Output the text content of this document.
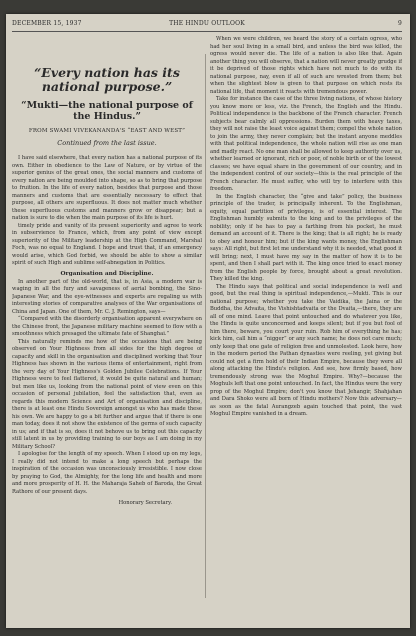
DECEMBER 15, 1937	THE HINDU OUTLOOK	9
“Every nation has its national purpose.”
“Mukti—the national purpose of the Hindus.”
FROM SWAMI VIVEKANANDA'S “EAST AND WEST”
Continued from the last issue.

I have said elsewhere, that every nation has a national purpose of its own. Either in obedience to the Law of Nature, or by virtue of the superior genius of the great ones, the social manners and customs of every nation are being moulded into shape, so as to bring that purpose to fruition. In the life of every nation, besides that purpose and those manners and customs that are essentially necessary to effect that purpose, all others are superfluous. It does not matter much whether these superfluous customs and manners grow or disappear; but a nation is sure to die when the main purpose of its life is hurt.

timely pride and vanity of its present superiority and agree to work in subservience to France, which, from any point of view except superiority of the Military leadership at the High Command, Marshal Foch, was no equal to England. I hope and trust that, if an emergency would arise, which God forbid, we should be able to show a similar spirit of such High and sublime self-abnegation in Politics.

Organisation and Discipline.

In another part of the old-world, that is, in Asia, a modern war is waging in all the fury and savageness of aerial bombing, the Sino-Japanese War, and the eye-witnesses and experts are regaling us with interesting stories of comparative analyses of the War organisations of China and Japan. One of them, Mr. C. J. Remington, says—

“Compared with the disorderly organisation apparent everywhere on the Chinese front, the Japanese military machine seemed to flow with a smoothness which presaged the ultimate fate of Shanghai.”

This naturally reminds me how of the occasions that are being observed on Your Highness from all sides for the high degree of capacity and skill in the organisation and disciplined working that Your Highness has shown in the various items of entertainment, right from the very day of Your Highness's Golden Jubilee Celebrations. If Your Highness were to feel flattered, it would be quite natural and human; but men like us, looking from the national point of view even on this occasion of personal jubilation, feel the satisfaction that, even as regards this modern Science and Art of organisation and discipline, there is at least one Hindu Sovereign amongst us who has made these his own. We are happy to go a bit further and argue that if there is one man today, does it not show the existence of the germs of such capacity in us; and if that is so, does it not behove us to bring out this capacity still latent in us by providing training to our boys as I am doing in my Military School?

I apologise for the length of my speech. When I stood up on my legs, I really did not intend to make a long speech but perhaps the inspiration of the occasion was unconsciously irresistible. I now close by praying to God, the Almighty, for the long life and health and more and more prosperity of H. H. the Maharaja Saheb of Baroda, the Great Rathore of our present days.

Honorary Secretary.

When we were children, we heard the story of a certain ogress, who had her soul living in a small bird, and unless the bird was killed, the ogress would never die. The life of a nation is also like that. Again another thing you will observe, that a nation will never greatly grudge if it be deprived of those rights which have not much to do with its national purpose, nay, even if all of such are wrested from them; but when the slightest blow is given to that purpose on which rests its national life, that moment it reacts with tremendous power.

Take for instance the case of the three living nations, of whose history you know more or less, viz. the French, the English and the Hindu. Political independence is the backbone of the French character. French subjects bear calmly all oppressions. Burden them with heavy taxes, they will not raise the least voice against them; compel the whole nation to join the army, they never complain; but the instant anyone meddles with that political independence, the whole nation will rise as one man and madly react. No one man shall be allowed to keep authority over us, whether learned or ignorant, rich or poor, of noble birth or of the lowest classes; we have equal share in the government of our country, and in the independent control of our society—this is the real principle of the French character. He must suffer, who will try to interfere with this freedom.

In the English character, the “give and take” policy, the business principle of the trader, is principally inherent. To the Englishman, equity, equal partition of privileges, is of essential interest. The Englishman humbly submits to the king and to the privileges of the nobility; only if he has to pay a farthing from his pocket, he must demand an account of it. There is the king; that is all right; he is ready to obey and honour him; but if the king wants money, the Englishman says: All right, but first let me understand why it is needed, what good it will bring; next, I must have my say in the matter of how it is to be spent, and then I shall part with it. The king once tried to exact money from the English people by force, brought about a great revolution. They killed the king.

The Hindu says that political and social independence is well and good, but the real thing is spiritual independence,—Mukti. This is our national purpose; whether you take the Vaidika, the Jaina or the Buddha, the Advaita, the Vishishtadvaita or the Dvaita,—there, they are all of one mind. Leave that point untouched and do whatever you like, the Hindu is quite unconcerned and keeps silent; but if you but fool of him there, beware, you court your ruin. Rob him of everything he has; kick him, call him a “nigger” or any such name; he does not care much; only keep that one gate of religion free and unmolested. Look here, how in the modern period the Pathan dynasties were reeling, yet giving but could not get a firm hold of their Indian Empire, because they were all along attacking the Hindu's religion. And see, how firmly based, how tremendously strong was the Moghul Empire. Why?—because the Moghuls left that one point untouched. In fact, the Hindus were the very prop of the Moghul Empire; don't you know that Jehangir, Shahjahan and Dara Shoko were all born of Hindu mothers? Now this adversary—as soon as the fatal Aurangzeb again touched that point, the vast Moghul Empire vanished in a dream.
